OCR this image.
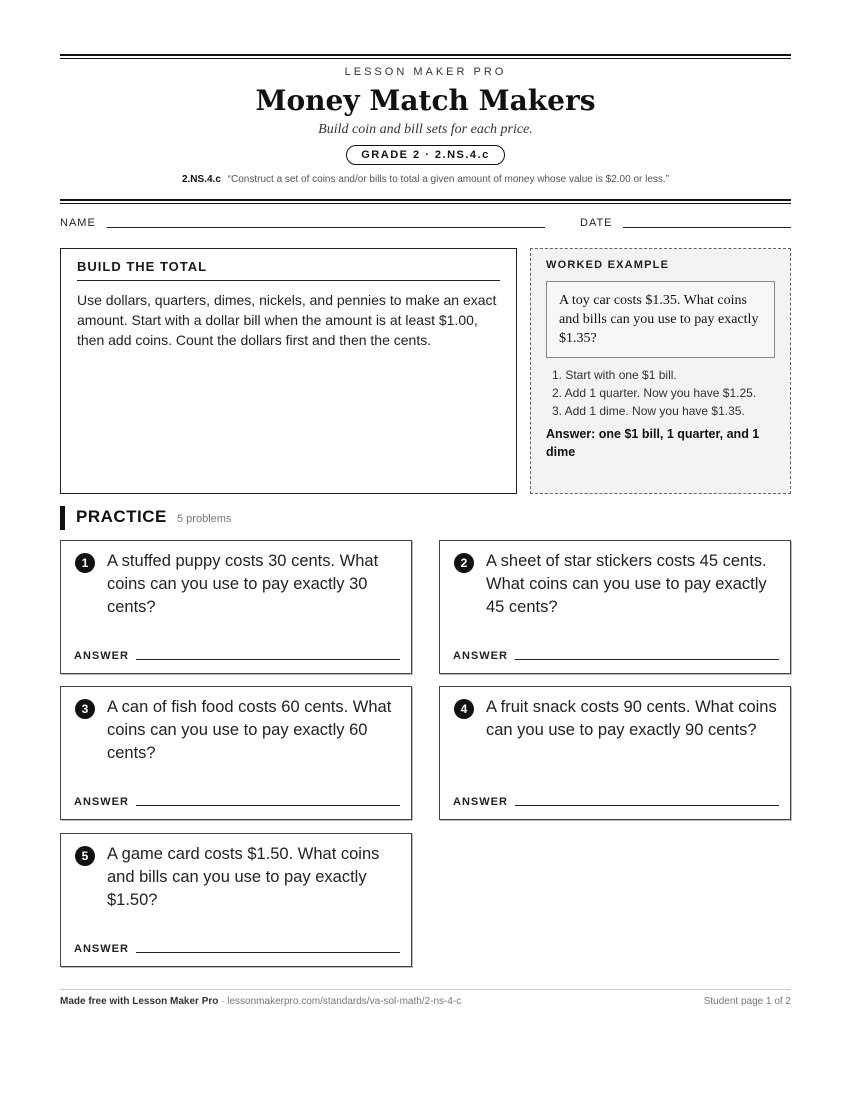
LESSON MAKER PRO
Money Match Makers
Build coin and bill sets for each price.
GRADE 2 · 2.NS.4.c
2.NS.4.c “Construct a set of coins and/or bills to total a given amount of money whose value is $2.00 or less.”
NAME	DATE
BUILD THE TOTAL
Use dollars, quarters, dimes, nickels, and pennies to make an exact amount. Start with a dollar bill when the amount is at least $1.00, then add coins. Count the dollars first and then the cents.
WORKED EXAMPLE
A toy car costs $1.35. What coins and bills can you use to pay exactly $1.35?
1. Start with one $1 bill.
2. Add 1 quarter. Now you have $1.25.
3. Add 1 dime. Now you have $1.35.
Answer: one $1 bill, 1 quarter, and 1 dime
PRACTICE 5 problems
1	A stuffed puppy costs 30 cents. What coins can you use to pay exactly 30 cents?
ANSWER
2	A sheet of star stickers costs 45 cents. What coins can you use to pay exactly 45 cents?
ANSWER
3	A can of fish food costs 60 cents. What coins can you use to pay exactly 60 cents?
ANSWER
4	A fruit snack costs 90 cents. What coins can you use to pay exactly 90 cents?
ANSWER
5	A game card costs $1.50. What coins and bills can you use to pay exactly $1.50?
ANSWER
Made free with Lesson Maker Pro · lessonmakerpro.com/standards/va-sol-math/2-ns-4-c	Student page 1 of 2
